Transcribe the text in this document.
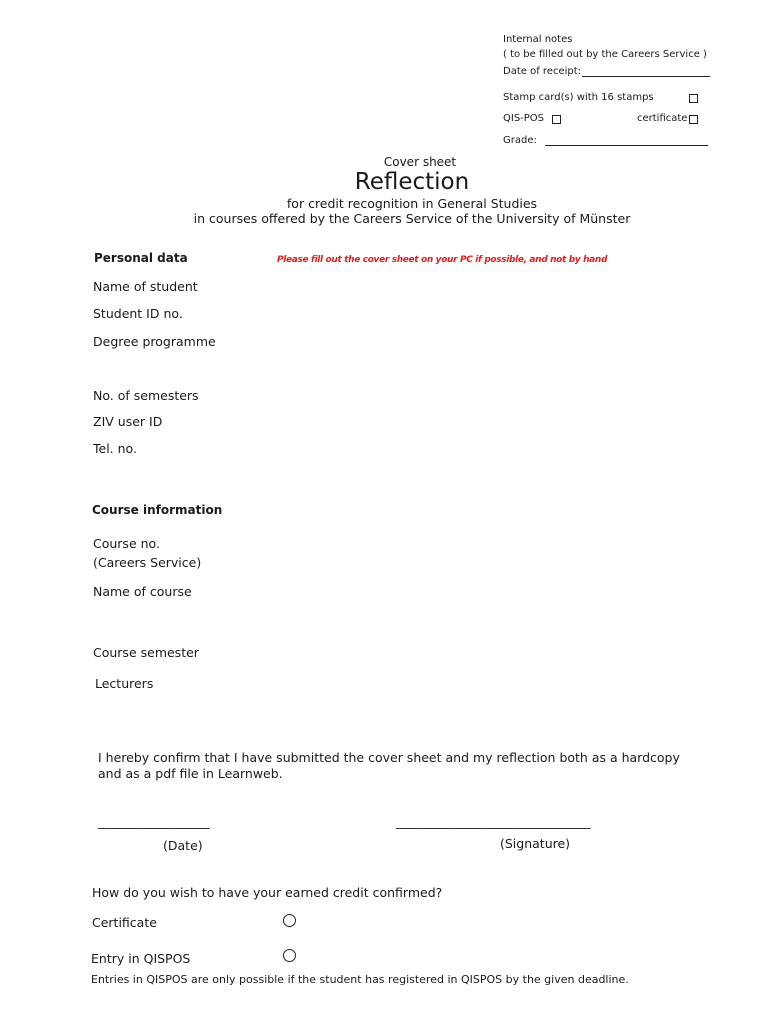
Internal notes
( to be filled out by the Careers Service )
Date of receipt:
Stamp card(s) with 16 stamps
QIS-POS	certificate
Grade:
Cover sheet
Reflection
for credit recognition in General Studies
in courses offered by the Careers Service of the University of Münster
Personal data	Please fill out the cover sheet on your PC if possible, and not by hand
Name of student
Student ID no.
Degree programme
No. of semesters
ZIV user ID
Tel. no.
Course information
Course no.
(Careers Service)
Name of course
Course semester
Lecturers
I hereby confirm that I have submitted the cover sheet and my reflection both as a hardcopy
and as a pdf file in Learnweb.
________________________	__________________________________________
(Date)	(Signature)
How do you wish to have your earned credit confirmed?
Certificate
Entry in QISPOS
Entries in QISPOS are only possible if the student has registered in QISPOS by the given deadline.
